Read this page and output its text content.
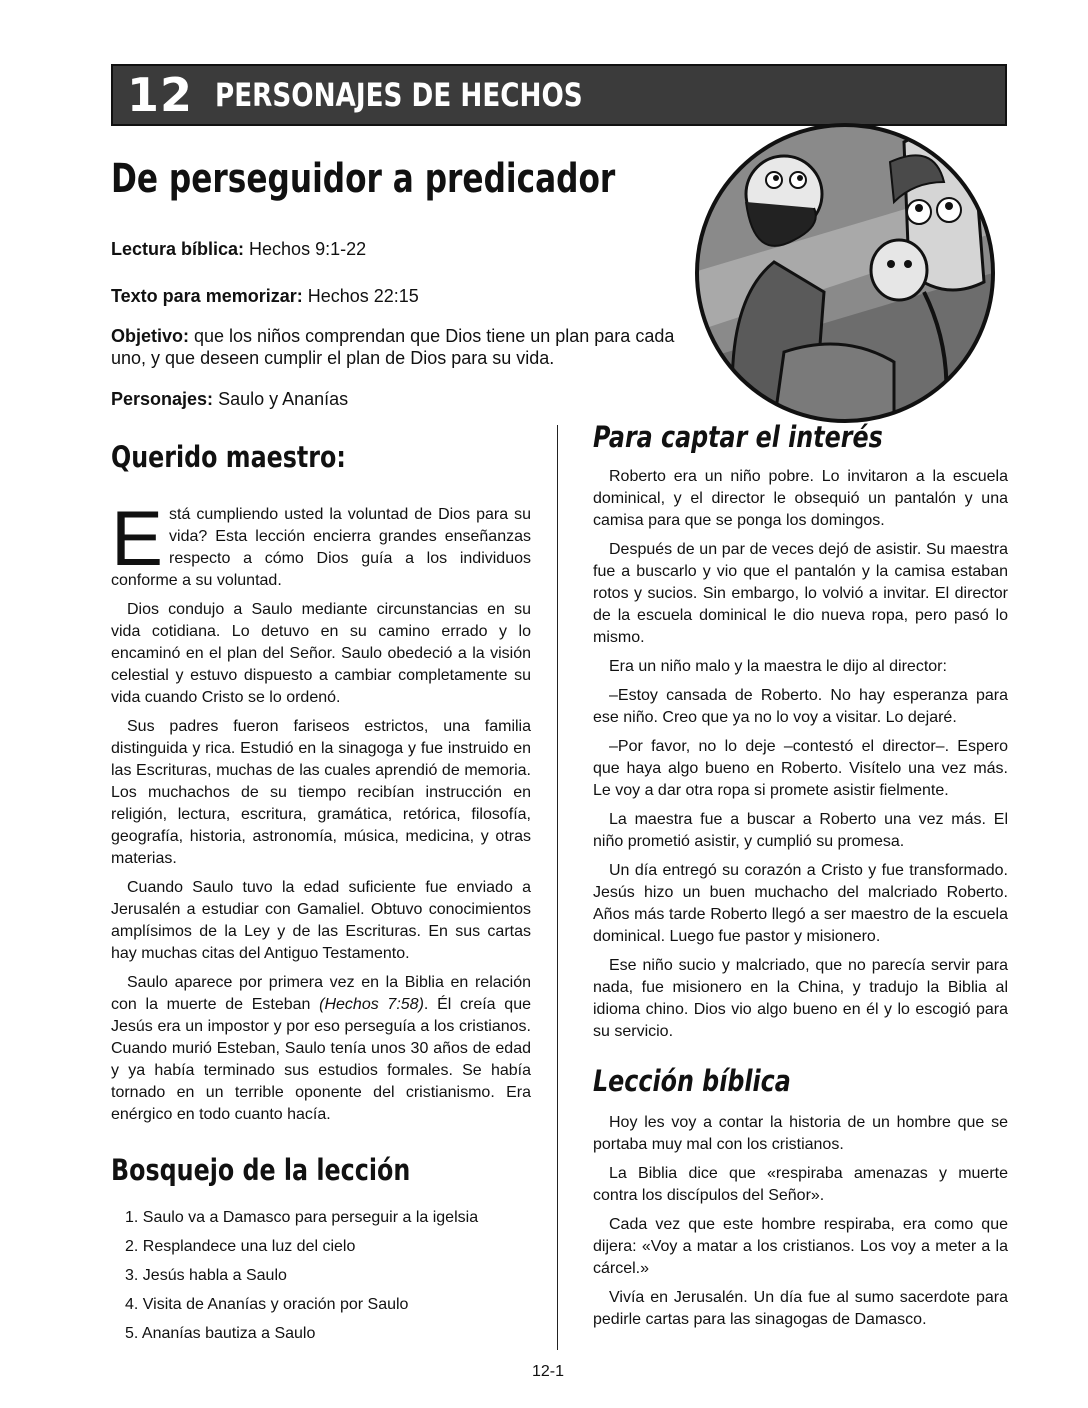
12 PERSONAJES DE HECHOS
De perseguidor a predicador
Lectura bíblica: Hechos 9:1-22
Texto para memorizar: Hechos 22:15
Objetivo: que los niños comprendan que Dios tiene un plan para cada uno, y que deseen cumplir el plan de Dios para su vida.
Personajes: Saulo y Ananías
Querido maestro:

Está cumpliendo usted la voluntad de Dios para su vida? Esta lección encierra grandes enseñanzas respecto a cómo Dios guía a los individuos conforme a su voluntad.

Dios condujo a Saulo mediante circunstancias en su vida cotidiana. Lo detuvo en su camino errado y lo encaminó en el plan del Señor. Saulo obedeció a la visión celestial y estuvo dispuesto a cambiar completamente su vida cuando Cristo se lo ordenó.

Sus padres fueron fariseos estrictos, una familia distinguida y rica. Estudió en la sinagoga y fue instruido en las Escrituras, muchas de las cuales aprendió de memoria. Los muchachos de su tiempo recibían instrucción en religión, lectura, escritura, gramática, retórica, filosofía, geografía, historia, astronomía, música, medicina, y otras materias.

Cuando Saulo tuvo la edad suficiente fue enviado a Jerusalén a estudiar con Gamaliel. Obtuvo conocimientos amplísimos de la Ley y de las Escrituras. En sus cartas hay muchas citas del Antiguo Testamento.

Saulo aparece por primera vez en la Biblia en relación con la muerte de Esteban (Hechos 7:58). Él creía que Jesús era un impostor y por eso perseguía a los cristianos. Cuando murió Esteban, Saulo tenía unos 30 años de edad y ya había terminado sus estudios formales. Se había tornado en un terrible oponente del cristianismo. Era enérgico en todo cuanto hacía.

Bosquejo de la lección
1. Saulo va a Damasco para perseguir a la igelsia
2. Resplandece una luz del cielo
3. Jesús habla a Saulo
4. Visita de Ananías y oración por Saulo
5. Ananías bautiza a Saulo
Para captar el interés

Roberto era un niño pobre. Lo invitaron a la escuela dominical, y el director le obsequió un pantalón y una camisa para que se ponga los domingos.

Después de un par de veces dejó de asistir. Su maestra fue a buscarlo y vio que el pantalón y la camisa estaban rotos y sucios. Sin embargo, lo volvió a invitar. El director de la escuela dominical le dio nueva ropa, pero pasó lo mismo.

Era un niño malo y la maestra le dijo al director:

–Estoy cansada de Roberto. No hay esperanza para ese niño. Creo que ya no lo voy a visitar. Lo dejaré.

–Por favor, no lo deje –contestó el director–. Espero que haya algo bueno en Roberto. Visítelo una vez más. Le voy a dar otra ropa si promete asistir fielmente.

La maestra fue a buscar a Roberto una vez más. El niño prometió asistir, y cumplió su promesa.

Un día entregó su corazón a Cristo y fue transformado. Jesús hizo un buen muchacho del malcriado Roberto. Años más tarde Roberto llegó a ser maestro de la escuela dominical. Luego fue pastor y misionero.

Ese niño sucio y malcriado, que no parecía servir para nada, fue misionero en la China, y tradujo la Biblia al idioma chino. Dios vio algo bueno en él y lo escogió para su servicio.

Lección bíblica

Hoy les voy a contar la historia de un hombre que se portaba muy mal con los cristianos.

La Biblia dice que «respiraba amenazas y muerte contra los discípulos del Señor».

Cada vez que este hombre respiraba, era como que dijera: «Voy a matar a los cristianos. Los voy a meter a la cárcel.»

Vivía en Jerusalén. Un día fue al sumo sacerdote para pedirle cartas para las sinagogas de Damasco.

12-1
